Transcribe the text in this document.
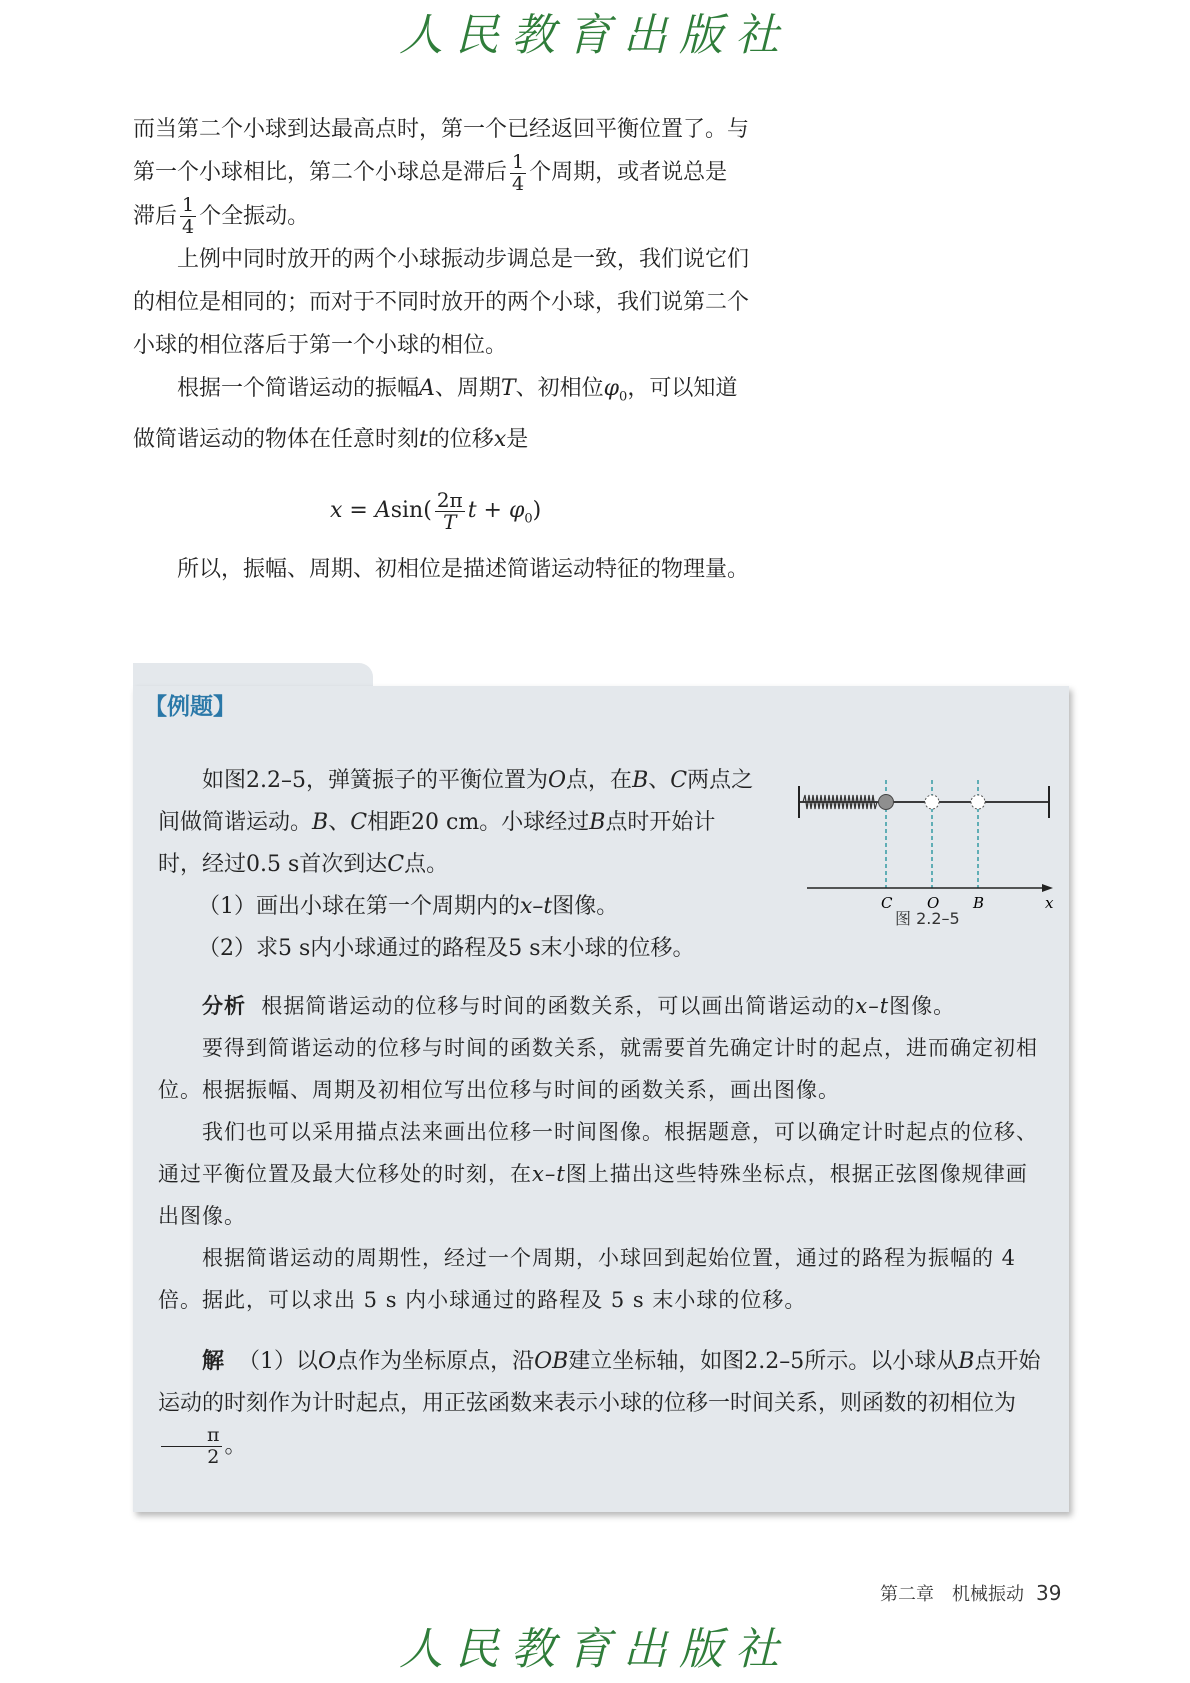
人民教育出版社

而当第二个小球到达最高点时，第一个已经返回平衡位置了。与第一个小球相比，第二个小球总是滞后 $\frac{1}{4}$ 个周期，或者说总是滞后 $\frac{1}{4}$ 个全振动。

上例中同时放开的两个小球振动步调总是一致，我们说它们的相位是相同的；而对于不同时放开的两个小球，我们说第二个小球的相位落后于第一个小球的相位。

根据一个简谐运动的振幅A、周期T、初相位$\varphi_0$，可以知道做简谐运动的物体在任意时刻t的位移x是

$x = Asin( \frac{2\pi}{T}$ $t + \varphi_0$)

所以，振幅、周期、初相位是描述简谐运动特征的物理量。

【例题】

如图2.2–5，弹簧振子的平衡位置为O点，在B、C两点之间做简谐运动。B、C相距20 cm。小球经过B点时开始计时，经过0.5 s首次到达C点。

（1）画出小球在第一个周期内的x–t图像。

（2）求5 s内小球通过的路程及5 s末小球的位移。

C O B	x
图 2.2–5

分析 根据简谐运动的位移与时间的函数关系，可以画出简谐运动的x–t图像。

要得到简谐运动的位移与时间的函数关系，就需要首先确定计时的起点，进而确定初相位。根据振幅、周期及初相位写出位移与时间的函数关系，画出图像。

我们也可以采用描点法来画出位移一时间图像。根据题意，可以确定计时起点的位移、通过平衡位置及最大位移处的时刻，在x–t图上描出这些特殊坐标点，根据正弦图像规律画出图像。

根据简谐运动的周期性，经过一个周期，小球回到起始位置，通过的路程为振幅的 4 倍。据此，可以求出 5 s 内小球通过的路程及 5 s 末小球的位移。

解 （1）以O点作为坐标原点，沿OB建立坐标轴，如图2.2–5所示。以小球从B点开始运动的时刻作为计时起点，用正弦函数来表示小球的位移一时间关系，则函数的初相位为
$\frac{\pi}{2}$ 。

第二章　机械振动 39
人民教育出版社
